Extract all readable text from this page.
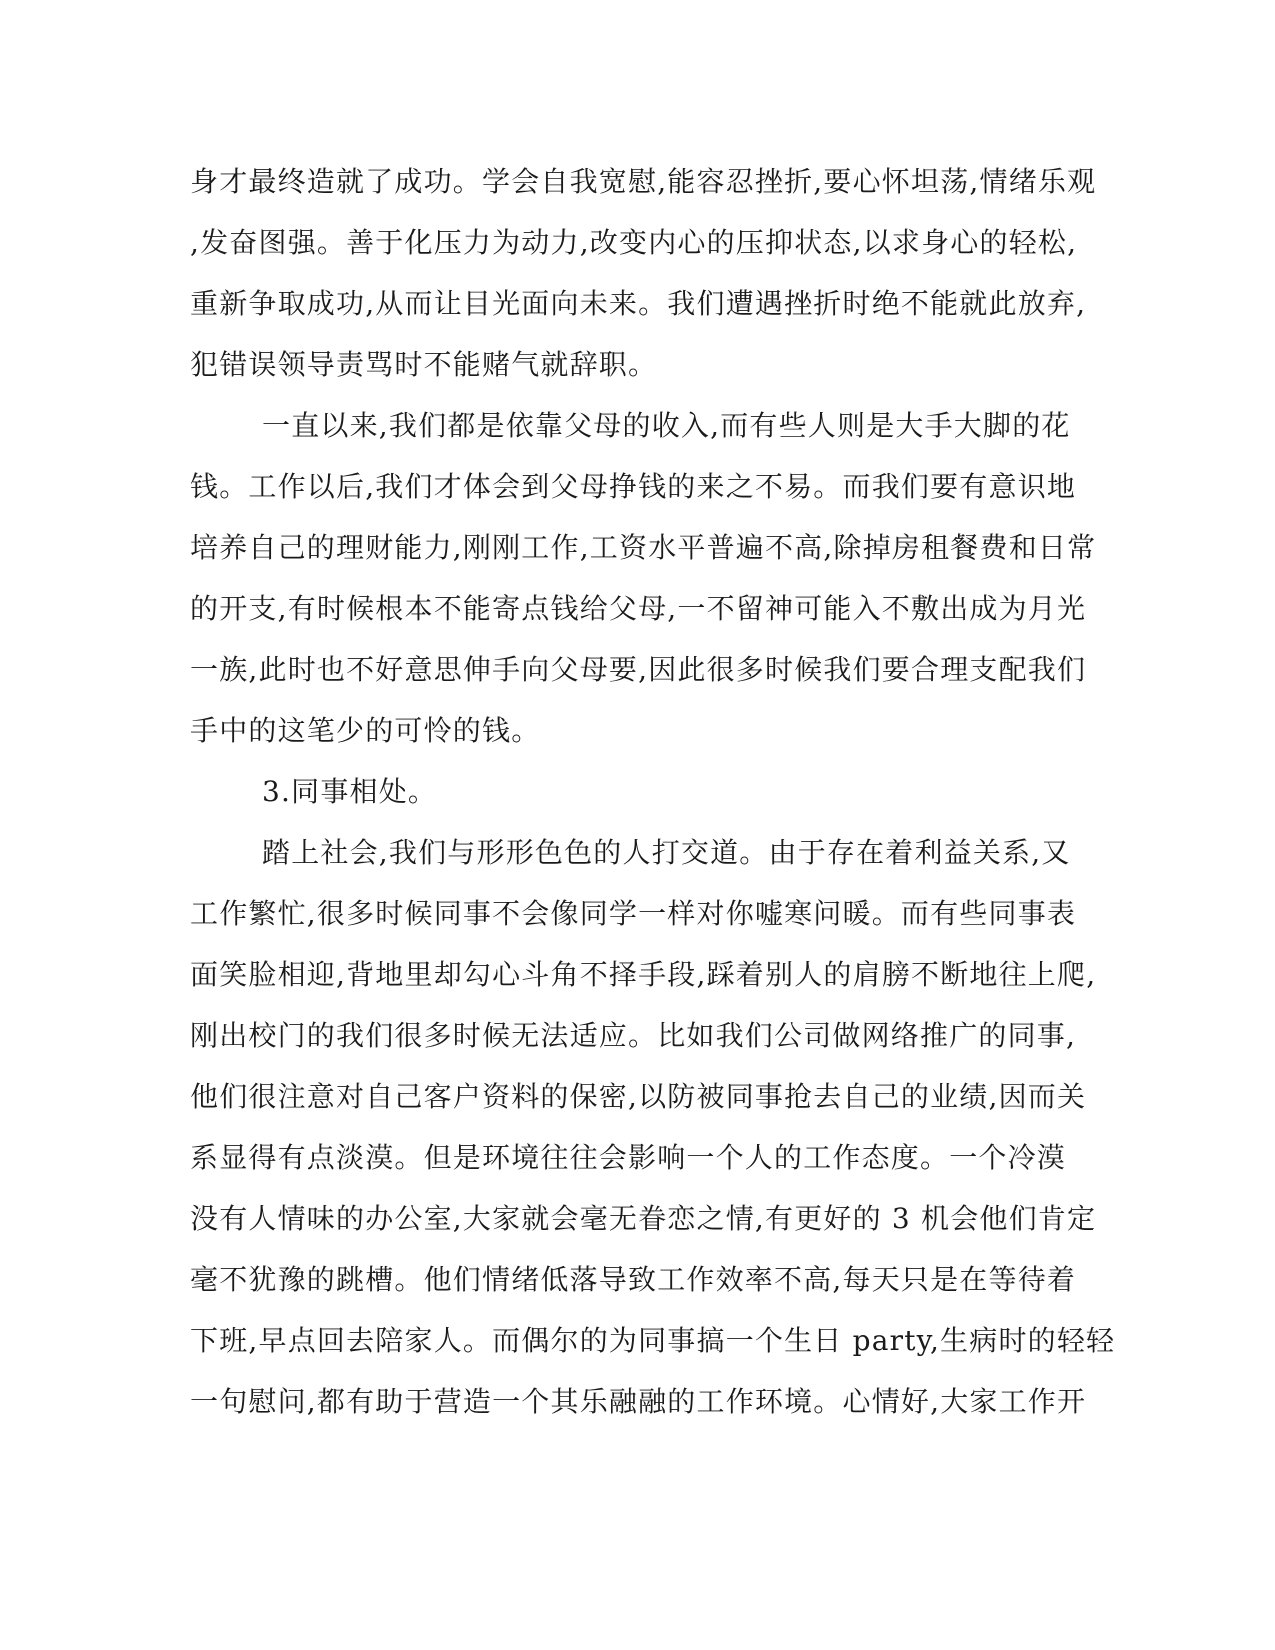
身才最终造就了成功。学会自我宽慰,能容忍挫折,要心怀坦荡,情绪乐观
,发奋图强。善于化压力为动力,改变内心的压抑状态,以求身心的轻松,
重新争取成功,从而让目光面向未来。我们遭遇挫折时绝不能就此放弃,
犯错误领导责骂时不能赌气就辞职。
一直以来,我们都是依靠父母的收入,而有些人则是大手大脚的花
钱。工作以后,我们才体会到父母挣钱的来之不易。而我们要有意识地
培养自己的理财能力,刚刚工作,工资水平普遍不高,除掉房租餐费和日常
的开支,有时候根本不能寄点钱给父母,一不留神可能入不敷出成为月光
一族,此时也不好意思伸手向父母要,因此很多时候我们要合理支配我们
手中的这笔少的可怜的钱。
3.同事相处。
踏上社会,我们与形形色色的人打交道。由于存在着利益关系,又
工作繁忙,很多时候同事不会像同学一样对你嘘寒问暖。而有些同事表
面笑脸相迎,背地里却勾心斗角不择手段,踩着别人的肩膀不断地往上爬,
刚出校门的我们很多时候无法适应。比如我们公司做网络推广的同事,
他们很注意对自己客户资料的保密,以防被同事抢去自己的业绩,因而关
系显得有点淡漠。但是环境往往会影响一个人的工作态度。一个冷漠
没有人情味的办公室,大家就会毫无眷恋之情,有更好的 3 机会他们肯定
毫不犹豫的跳槽。他们情绪低落导致工作效率不高,每天只是在等待着
下班,早点回去陪家人。而偶尔的为同事搞一个生日 party,生病时的轻轻
一句慰问,都有助于营造一个其乐融融的工作环境。心情好,大家工作开
